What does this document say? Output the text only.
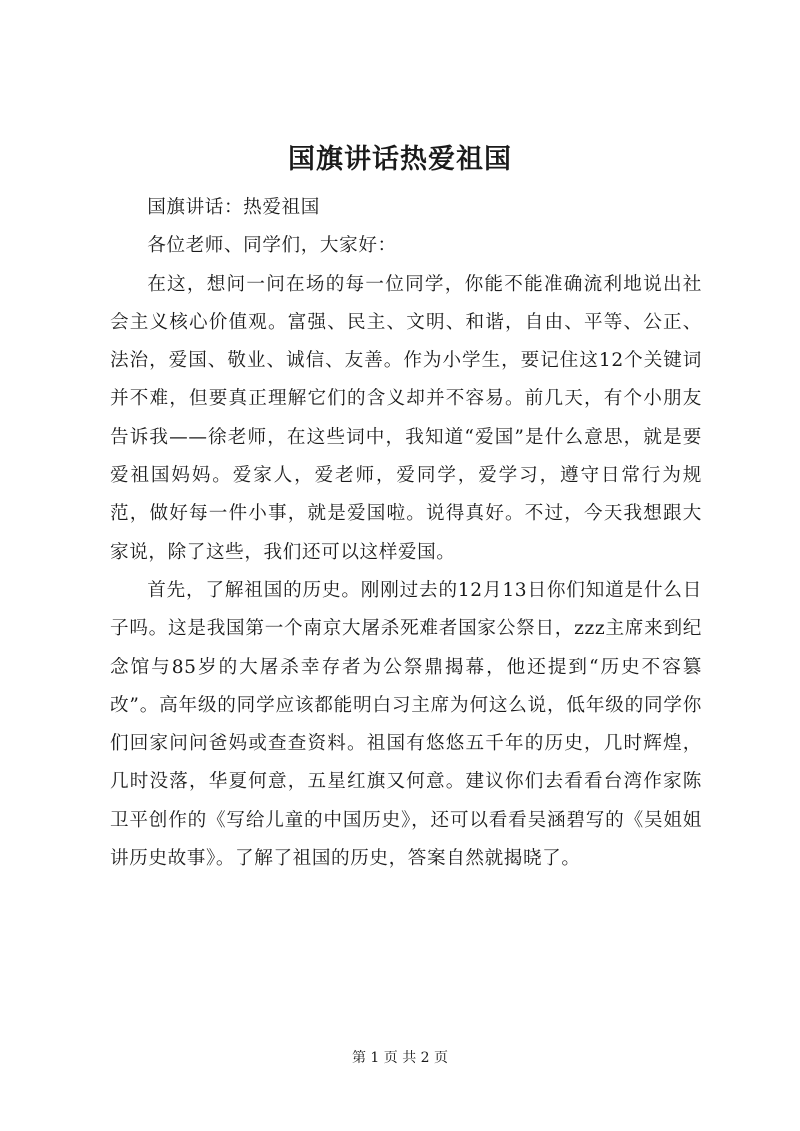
国旗讲话热爱祖国

国旗讲话：热爱祖国

各位老师、同学们，大家好：

在这，想问一问在场的每一位同学，你能不能准确流利地说出社会主义核心价值观。富强、民主、文明、和谐，自由、平等、公正、法治，爱国、敬业、诚信、友善。作为小学生，要记住这12个关键词并不难，但要真正理解它们的含义却并不容易。前几天，有个小朋友告诉我——徐老师，在这些词中，我知道“爱国”是什么意思，就是要爱祖国妈妈。爱家人，爱老师，爱同学，爱学习，遵守日常行为规范，做好每一件小事，就是爱国啦。说得真好。不过，今天我想跟大家说，除了这些，我们还可以这样爱国。

首先，了解祖国的历史。刚刚过去的12月13日你们知道是什么日子吗。这是我国第一个南京大屠杀死难者国家公祭日，zzz主席来到纪念馆与85岁的大屠杀幸存者为公祭鼎揭幕，他还提到“历史不容篡改”。高年级的同学应该都能明白习主席为何这么说，低年级的同学你们回家问问爸妈或查查资料。祖国有悠悠五千年的历史，几时辉煌，几时没落，华夏何意，五星红旗又何意。建议你们去看看台湾作家陈卫平创作的《写给儿童的中国历史》，还可以看看吴涵碧写的《吴姐姐讲历史故事》。了解了祖国的历史，答案自然就揭晓了。

第 1 页 共 2 页
